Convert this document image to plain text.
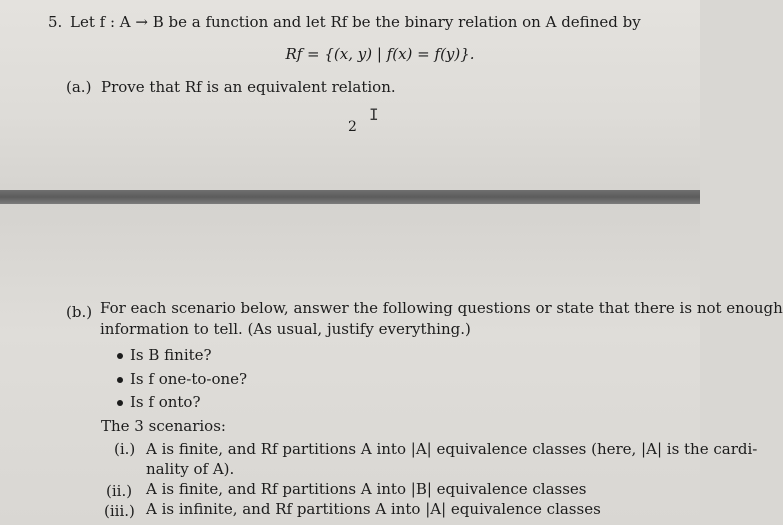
5. Let f : A → B be a function and let Rf be the binary relation on A defined by
Rf = {(x, y) | f(x) = f(y)}.
(a.) Prove that Rf is an equivalent relation.
2
I
(b.) For each scenario below, answer the following questions or state that there is not enough
information to tell. (As usual, justify everything.)
Is B finite?
Is f one-to-one?
Is f onto?
The 3 scenarios:
(i.) A is finite, and Rf partitions A into |A| equivalence classes (here, |A| is the cardi-
nality of A).
(ii.) A is finite, and Rf partitions A into |B| equivalence classes
(iii.) A is infinite, and Rf partitions A into |A| equivalence classes
